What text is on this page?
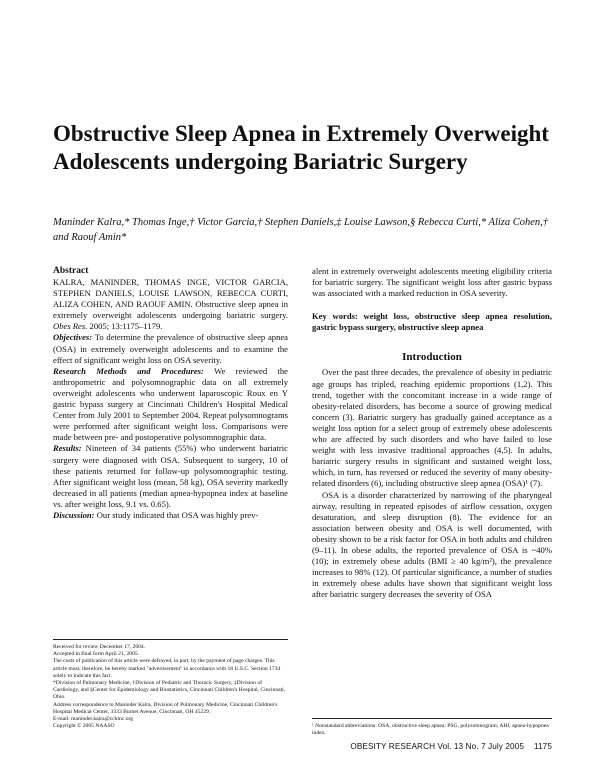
Obstructive Sleep Apnea in Extremely Overweight Adolescents undergoing Bariatric Surgery

Maninder Kalra,* Thomas Inge,† Victor Garcia,† Stephen Daniels,‡ Louise Lawson,§ Rebecca Curti,* Aliza Cohen,† and Raouf Amin*

Abstract

KALRA, MANINDER, THOMAS INGE, VICTOR GARCIA, STEPHEN DANIELS, LOUISE LAWSON, REBECCA CURTI, ALIZA COHEN, AND RAOUF AMIN. Obstructive sleep apnea in extremely overweight adolescents undergoing bariatric surgery. Obes Res. 2005; 13:1175–1179.

Objectives: To determine the prevalence of obstructive sleep apnea (OSA) in extremely overweight adolescents and to examine the effect of significant weight loss on OSA severity.

Research Methods and Procedures: We reviewed the anthropometric and polysomnographic data on all extremely overweight adolescents who underwent laparoscopic Roux en Y gastric bypass surgery at Cincinnati Children's Hospital Medical Center from July 2001 to September 2004. Repeat polysomnograms were performed after significant weight loss. Comparisons were made between pre- and postoperative polysomnographic data.

Results: Nineteen of 34 patients (55%) who underwent bariatric surgery were diagnosed with OSA. Subsequent to surgery, 10 of these patients returned for follow-up polysomnographic testing. After significant weight loss (mean, 58 kg), OSA severity markedly decreased in all patients (median apnea-hypopnea index at baseline vs. after weight loss, 9.1 vs. 0.65).

Discussion: Our study indicated that OSA was highly prev-

alent in extremely overweight adolescents meeting eligibility criteria for bariatric surgery. The significant weight loss after gastric bypass was associated with a marked reduction in OSA severity.

Key words: weight loss, obstructive sleep apnea resolution, gastric bypass surgery, obstructive sleep apnea

Introduction

Over the past three decades, the prevalence of obesity in pediatric age groups has tripled, reaching epidemic proportions (1,2). This trend, together with the concomitant increase in a wide range of obesity-related disorders, has become a source of growing medical concern (3). Bariatric surgery has gradually gained acceptance as a weight loss option for a select group of extremely obese adolescents who are affected by such disorders and who have failed to lose weight with less invasive traditional approaches (4,5). In adults, bariatric surgery results in significant and sustained weight loss, which, in turn, has reversed or reduced the severity of many obesity-related disorders (6), including obstructive sleep apnea (OSA)¹ (7).

OSA is a disorder characterized by narrowing of the pharyngeal airway, resulting in repeated episodes of airflow cessation, oxygen desaturation, and sleep disruption (8). The evidence for an association between obesity and OSA is well documented, with obesity shown to be a risk factor for OSA in both adults and children (9–11). In obese adults, the reported prevalence of OSA is ~40% (10); in extremely obese adults (BMI ≥ 40 kg/m²), the prevalence increases to 98% (12). Of particular significance, a number of studies in extremely obese adults have shown that significant weight loss after bariatric surgery decreases the severity of OSA

Received for review December 17, 2004.

Accepted in final form April 21, 2005.

The costs of publication of this article were defrayed, in part, by the payment of page charges. This article must, therefore, be hereby marked "advertisement" in accordance with 18 U.S.C. Section 1734 solely to indicate this fact.

*Division of Pulmonary Medicine, †Division of Pediatric and Thoracic Surgery, ‡Division of Cardiology, and §Center for Epidemiology and Biostatistics, Cincinnati Children's Hospital, Cincinnati, Ohio.

Address correspondence to Maninder Kalra, Division of Pulmonary Medicine, Cincinnati Children's Hospital Medical Center, 3333 Burnet Avenue, Cincinnati, OH 45229.

E-mail: maninder.kalra@cchmc.org

Copyright © 2005 NAASO	¹ Nonstandard abbreviations: OSA, obstructive sleep apnea; PSG, polysomnogram; AHI, apnea-hypopnea index.

OBESITY RESEARCH Vol. 13 No. 7 July 2005 1175
